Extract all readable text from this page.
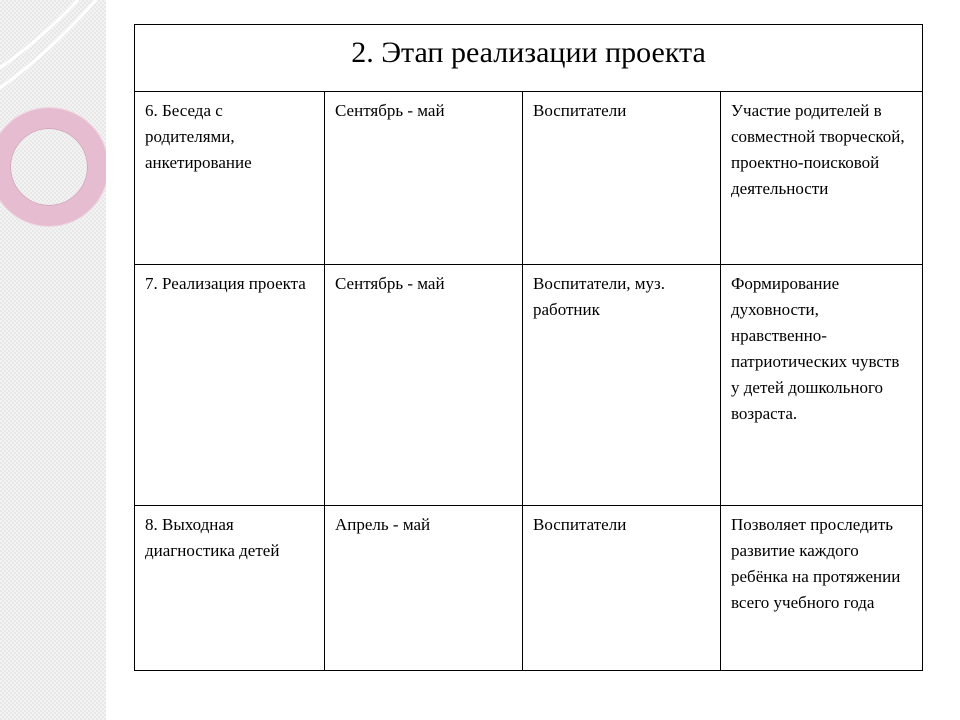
2. Этап реализации проекта			
6. Беседа с родителями, анкетирование	Сентябрь - май	Воспитатели	Участие родителей в совместной творческой, проектно-поисковой деятельности
7. Реализация проекта	Сентябрь - май	Воспитатели, муз. работник	Формирование духовности, нравственно-патриотических чувств у детей дошкольного возраста.
8. Выходная диагностика детей	Апрель - май	Воспитатели	Позволяет проследить развитие каждого ребёнка на протяжении всего учебного года
